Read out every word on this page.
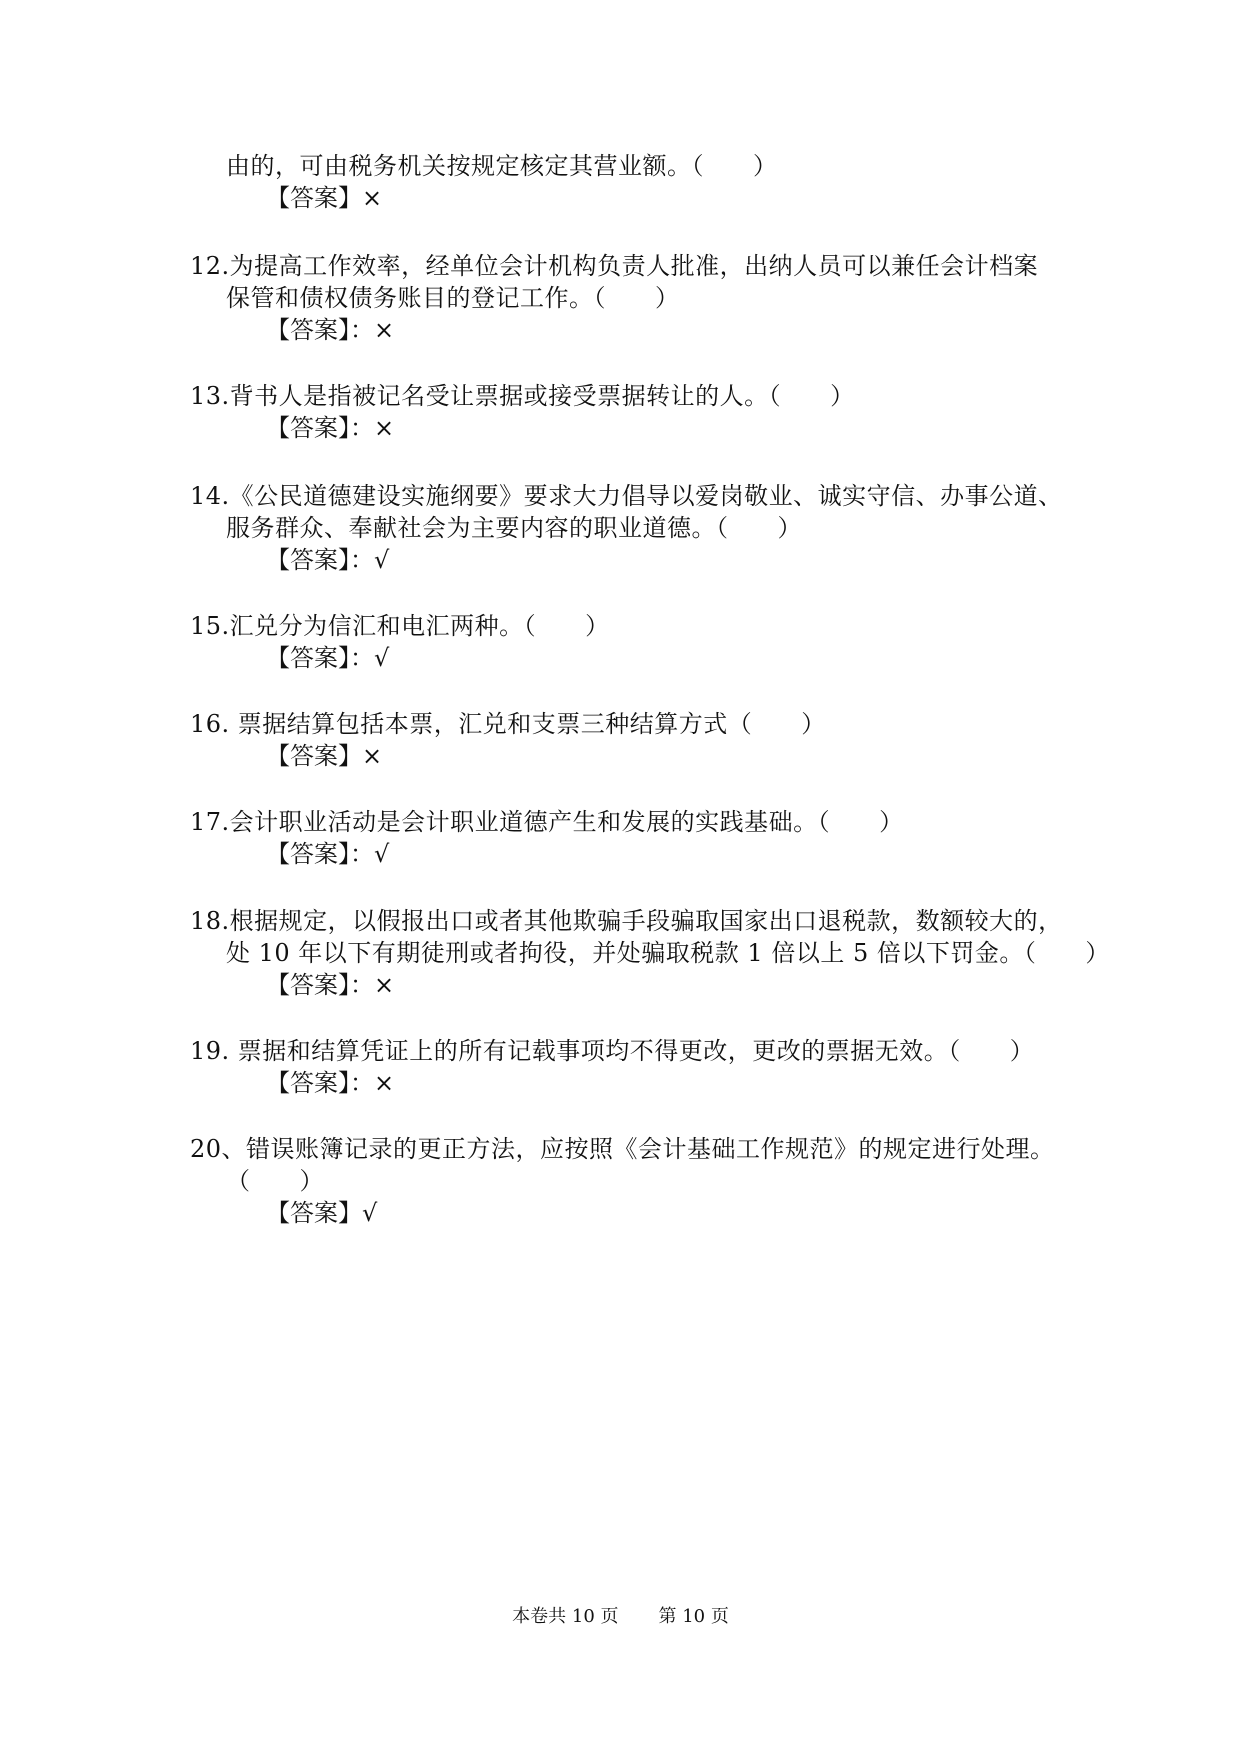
由的，可由税务机关按规定核定其营业额。（　　）
【答案】×
12.为提高工作效率，经单位会计机构负责人批准，出纳人员可以兼任会计档案
保管和债权债务账目的登记工作。（　　）
【答案】：×
13.背书人是指被记名受让票据或接受票据转让的人。（　　）
【答案】：×
14.《公民道德建设实施纲要》要求大力倡导以爱岗敬业、诚实守信、办事公道、
服务群众、奉献社会为主要内容的职业道德。（　　）
【答案】：√
15.汇兑分为信汇和电汇两种。（　　）
【答案】：√
16. 票据结算包括本票，汇兑和支票三种结算方式（　　）
【答案】×
17.会计职业活动是会计职业道德产生和发展的实践基础。（　　）
【答案】：√
18.根据规定，以假报出口或者其他欺骗手段骗取国家出口退税款，数额较大的，
处 10 年以下有期徒刑或者拘役，并处骗取税款 1 倍以上 5 倍以下罚金。（　　）
【答案】：×
19. 票据和结算凭证上的所有记载事项均不得更改，更改的票据无效。（　　）
【答案】：×
20、错误账簿记录的更正方法，应按照《会计基础工作规范》的规定进行处理。
（　　）
【答案】√
本卷共 10 页 第 10 页
